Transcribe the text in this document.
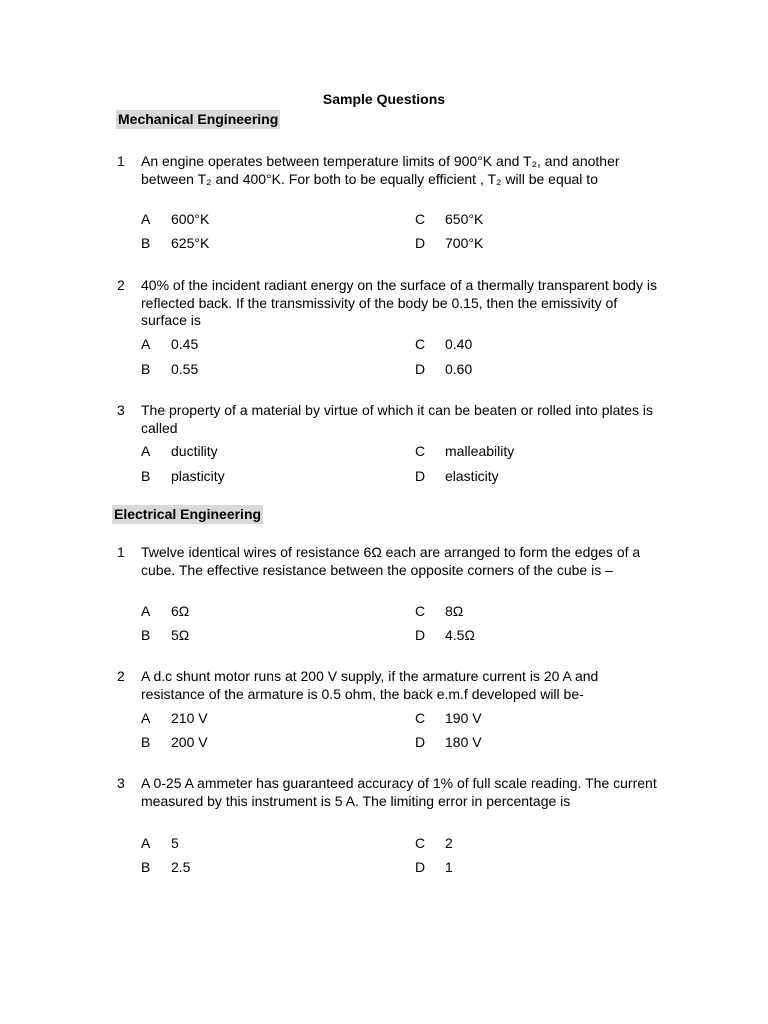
Sample Questions
Mechanical Engineering
1 An engine operates between temperature limits of 900°K and T₂, and another between T₂ and 400°K. For both to be equally efficient , T₂ will be equal to
A 600°K
B 625°K
C 650°K
D 700°K
2 40% of the incident radiant energy on the surface of a thermally transparent body is reflected back. If the transmissivity of the body be 0.15, then the emissivity of surface is
A 0.45
B 0.55
C 0.40
D 0.60
3 The property of a material by virtue of which it can be beaten or rolled into plates is called
A ductility
B plasticity
C malleability
D elasticity
Electrical Engineering
1 Twelve identical wires of resistance 6Ω each are arranged to form the edges of a cube. The effective resistance between the opposite corners of the cube is –
A 6Ω
B 5Ω
C 8Ω
D 4.5Ω
2 A d.c shunt motor runs at 200 V supply, if the armature current is 20 A and resistance of the armature is 0.5 ohm, the back e.m.f developed will be-
A 210 V
B 200 V
C 190 V
D 180 V
3 A 0-25 A ammeter has guaranteed accuracy of 1% of full scale reading. The current measured by this instrument is 5 A. The limiting error in percentage is
A 5
B 2.5
C 2
D 1
